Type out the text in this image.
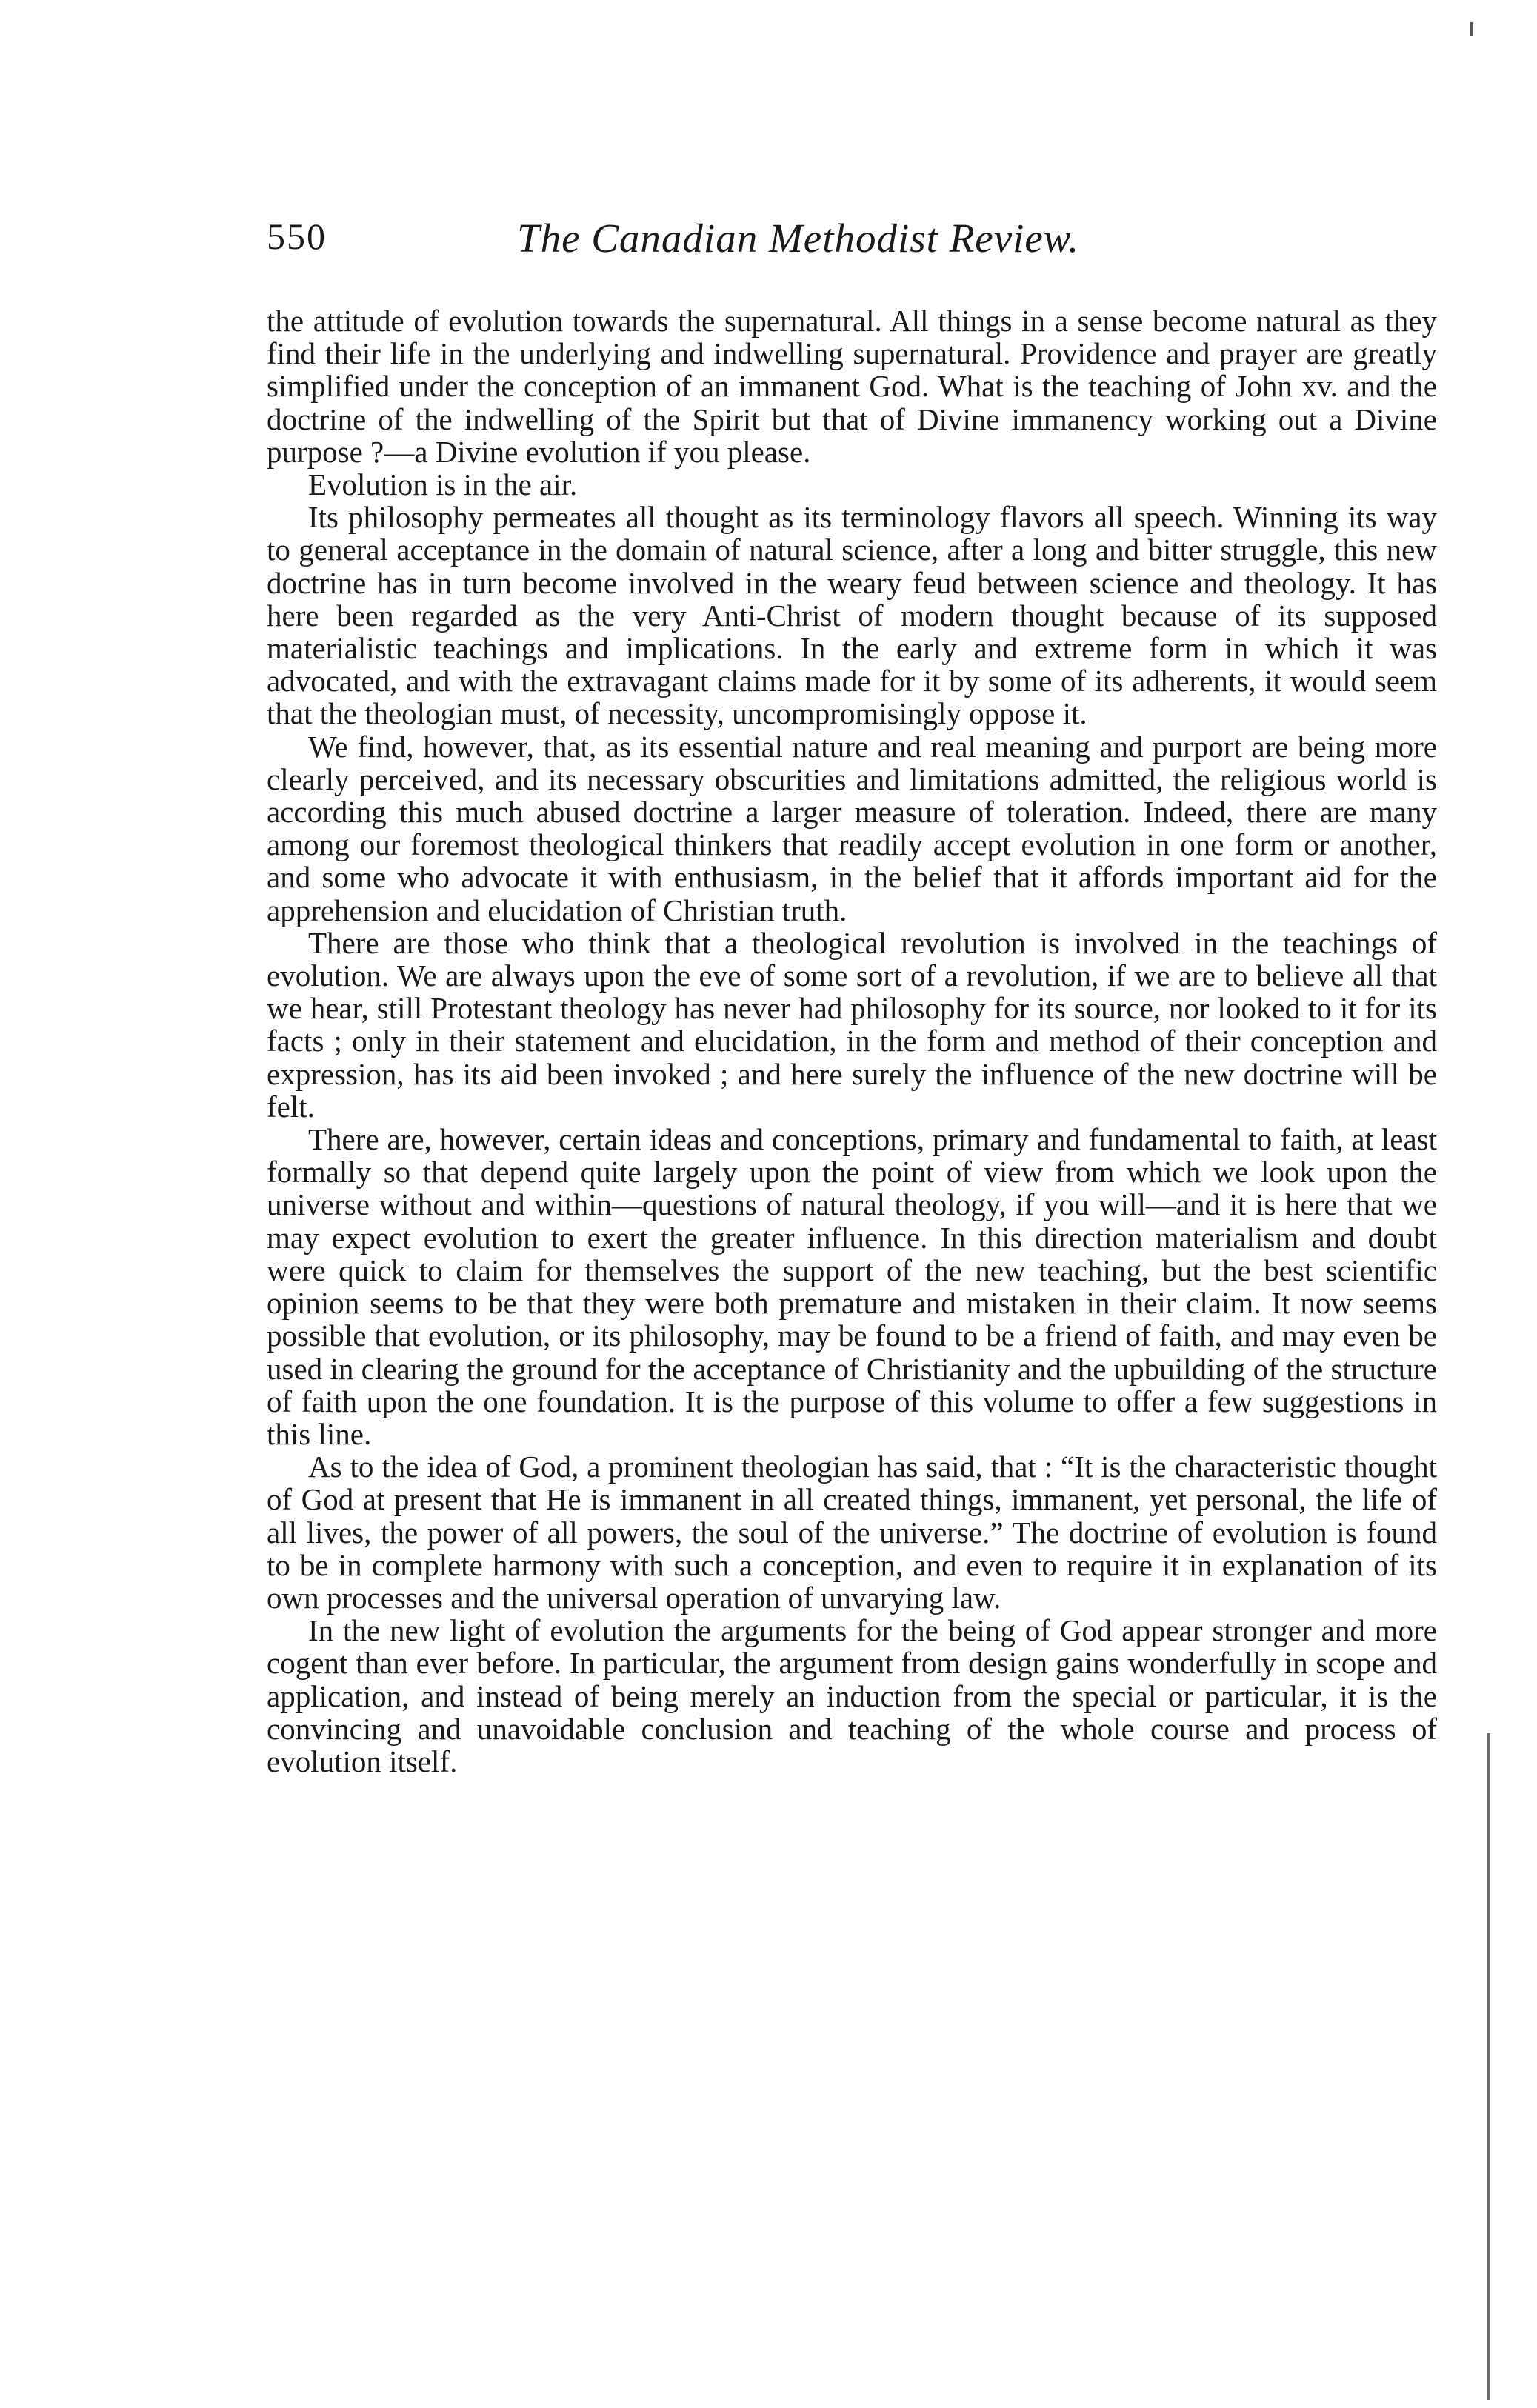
550	The Canadian Methodist Review.

the attitude of evolution towards the supernatural. All things in a sense become natural as they find their life in the underlying and indwelling supernatural. Providence and prayer are greatly simplified under the conception of an immanent God. What is the teaching of John xv. and the doctrine of the indwelling of the Spirit but that of Divine immanency working out a Divine purpose ?—a Divine evolution if you please.

Evolution is in the air.

Its philosophy permeates all thought as its terminology flavors all speech. Winning its way to general acceptance in the domain of natural science, after a long and bitter struggle, this new doctrine has in turn become involved in the weary feud between science and theology. It has here been regarded as the very Anti-Christ of modern thought because of its supposed materialistic teachings and implications. In the early and extreme form in which it was advocated, and with the extravagant claims made for it by some of its adherents, it would seem that the theologian must, of necessity, uncompromisingly oppose it.

We find, however, that, as its essential nature and real meaning and purport are being more clearly perceived, and its necessary obscurities and limitations admitted, the religious world is according this much abused doctrine a larger measure of toleration. Indeed, there are many among our foremost theological thinkers that readily accept evolution in one form or another, and some who advocate it with enthusiasm, in the belief that it affords important aid for the apprehension and elucidation of Christian truth.

There are those who think that a theological revolution is involved in the teachings of evolution. We are always upon the eve of some sort of a revolution, if we are to believe all that we hear, still Protestant theology has never had philosophy for its source, nor looked to it for its facts ; only in their statement and elucidation, in the form and method of their conception and expression, has its aid been invoked ; and here surely the influence of the new doctrine will be felt.

There are, however, certain ideas and conceptions, primary and fundamental to faith, at least formally so that depend quite largely upon the point of view from which we look upon the universe without and within—questions of natural theology, if you will—and it is here that we may expect evolution to exert the greater influence. In this direction materialism and doubt were quick to claim for themselves the support of the new teaching, but the best scientific opinion seems to be that they were both premature and mistaken in their claim. It now seems possible that evolution, or its philosophy, may be found to be a friend of faith, and may even be used in clearing the ground for the acceptance of Christianity and the upbuilding of the structure of faith upon the one foundation. It is the purpose of this volume to offer a few suggestions in this line.

As to the idea of God, a prominent theologian has said, that : “It is the characteristic thought of God at present that He is immanent in all created things, immanent, yet personal, the life of all lives, the power of all powers, the soul of the universe.” The doctrine of evolution is found to be in complete harmony with such a conception, and even to require it in explanation of its own processes and the universal operation of unvarying law.

In the new light of evolution the arguments for the being of God appear stronger and more cogent than ever before. In particular, the argument from design gains wonderfully in scope and application, and instead of being merely an induction from the special or particular, it is the convincing and unavoidable conclusion and teaching of the whole course and process of evolution itself.
